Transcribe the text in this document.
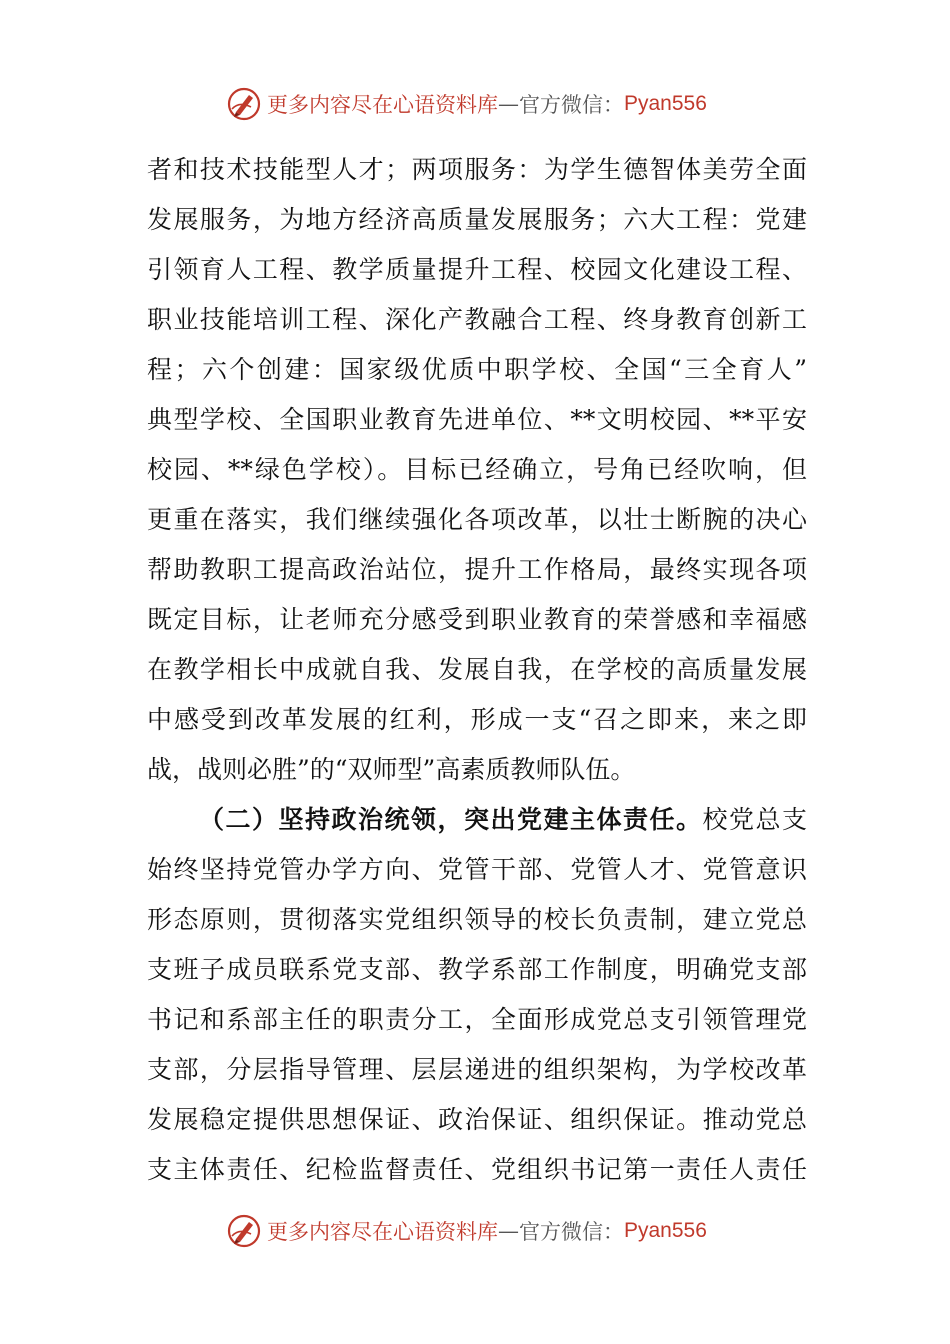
更多内容尽在心语资料库 — 官方微信： Pyan556
者和技术技能型人才；两项服务：为学生德智体美劳全面
发展服务，为地方经济高质量发展服务；六大工程：党建
引领育人工程、教学质量提升工程、校园文化建设工程、
职业技能培训工程、深化产教融合工程、终身教育创新工
程；六个创建：国家级优质中职学校、全国“三全育人”
典型学校、全国职业教育先进单位、**文明校园、**平安
校园、**绿色学校）。目标已经确立，号角已经吹响，但
更重在落实，我们继续强化各项改革，以壮士断腕的决心
帮助教职工提高政治站位，提升工作格局，最终实现各项
既定目标，让老师充分感受到职业教育的荣誉感和幸福感
在教学相长中成就自我、发展自我，在学校的高质量发展
中感受到改革发展的红利，形成一支“召之即来，来之即
战，战则必胜”的“双师型”高素质教师队伍。
（二）坚持政治统领，突出党建主体责任。校党总支
始终坚持党管办学方向、党管干部、党管人才、党管意识
形态原则，贯彻落实党组织领导的校长负责制，建立党总
支班子成员联系党支部、教学系部工作制度，明确党支部
书记和系部主任的职责分工，全面形成党总支引领管理党
支部，分层指导管理、层层递进的组织架构，为学校改革
发展稳定提供思想保证、政治保证、组织保证。推动党总
支主体责任、纪检监督责任、党组织书记第一责任人责任
更多内容尽在心语资料库 — 官方微信： Pyan556
